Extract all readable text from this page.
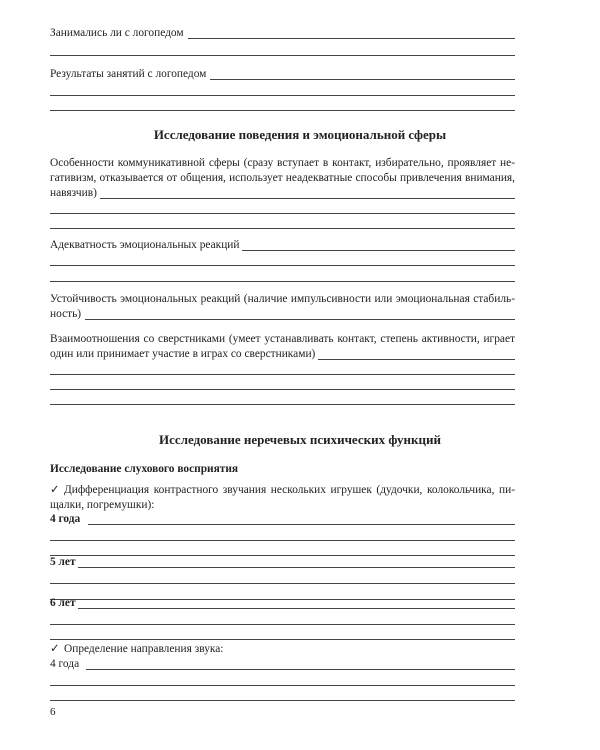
Занимались ли с логопедом
Результаты занятий с логопедом
Исследование поведения и эмоциональной сферы
Особенности коммуникативной сферы (сразу вступает в контакт, избирательно, проявляет не-
гативизм, отказывается от общения, использует неадекватные способы привлечения внимания,
навязчив)
Адекватность эмоциональных реакций
Устойчивость эмоциональных реакций (наличие импульсивности или эмоциональная стабиль-
ность)
Взаимоотношения со сверстниками (умеет устанавливать контакт, степень активности, играет
один или принимает участие в играх со сверстниками)
Исследование неречевых психических функций
Исследование слухового восприятия
✓ Дифференциация контрастного звучания нескольких игрушек (дудочки, колокольчика, пи-
щалки, погремушки):
4 года
5 лет
6 лет
✓ Определение направления звука:
4 года
6
